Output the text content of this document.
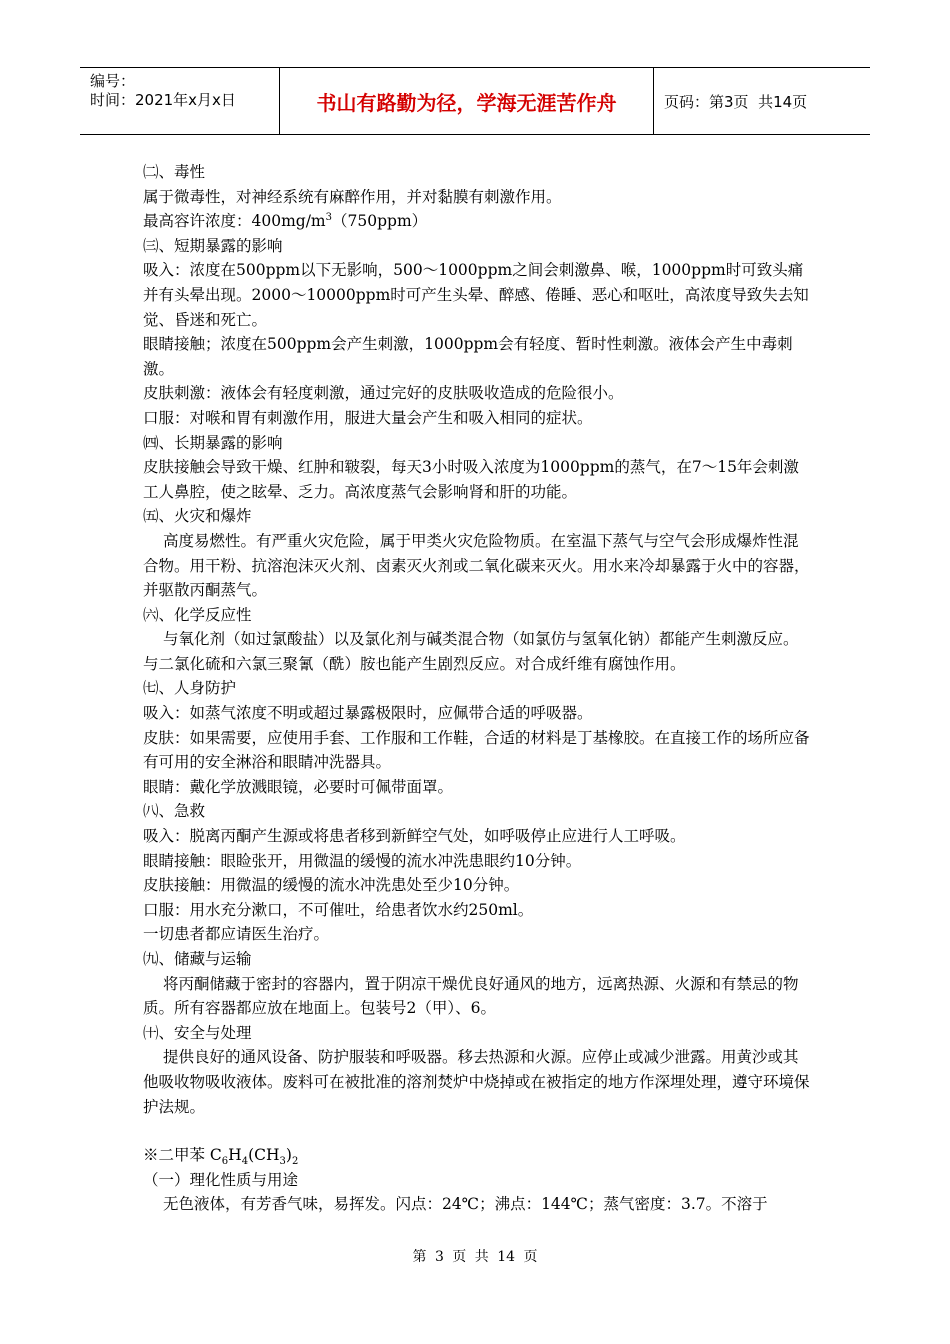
编号：
时间：2021年x月x日	书山有路勤为径，学海无涯苦作舟	页码：第3页  共14页

㈡、毒性

属于微毒性，对神经系统有麻醉作用，并对黏膜有刺激作用。

最高容许浓度：$400mg/m^3(750ppm)$

㈢、短期暴露的影响

吸入：浓度在500ppm以下无影响，500～1000ppm之间会刺激鼻、喉，1000ppm时可致头痛并有头晕出现。2000～10000ppm时可产生头晕、醉感、倦睡、恶心和呕吐，高浓度导致失去知觉、昏迷和死亡。

眼睛接触；浓度在500ppm会产生刺激，1000ppm会有轻度、暂时性刺激。液体会产生中毒刺激。

皮肤刺激：液体会有轻度刺激，通过完好的皮肤吸收造成的危险很小。

口服：对喉和胃有刺激作用，服进大量会产生和吸入相同的症状。

㈣、长期暴露的影响

皮肤接触会导致干燥、红肿和皲裂，每天3小时吸入浓度为1000ppm的蒸气，在7～15年会刺激工人鼻腔，使之眩晕、乏力。高浓度蒸气会影响肾和肝的功能。

㈤、火灾和爆炸

高度易燃性。有严重火灾危险，属于甲类火灾危险物质。在室温下蒸气与空气会形成爆炸性混合物。用干粉、抗溶泡沫灭火剂、卤素灭火剂或二氧化碳来灭火。用水来冷却暴露于火中的容器，并驱散丙酮蒸气。

㈥、化学反应性

与氧化剂（如过氯酸盐）以及氯化剂与碱类混合物（如氯仿与氢氧化钠）都能产生刺激反应。与二氯化硫和六氯三聚氰（酰）胺也能产生剧烈反应。对合成纤维有腐蚀作用。

㈦、人身防护

吸入：如蒸气浓度不明或超过暴露极限时，应佩带合适的呼吸器。

皮肤：如果需要，应使用手套、工作服和工作鞋，合适的材料是丁基橡胶。在直接工作的场所应备有可用的安全淋浴和眼睛冲洗器具。

眼睛：戴化学放溅眼镜，必要时可佩带面罩。

㈧、急救

吸入：脱离丙酮产生源或将患者移到新鲜空气处，如呼吸停止应进行人工呼吸。

眼睛接触：眼睑张开，用微温的缓慢的流水冲洗患眼约10分钟。

皮肤接触：用微温的缓慢的流水冲洗患处至少10分钟。

口服：用水充分漱口，不可催吐，给患者饮水约250ml。

一切患者都应请医生治疗。

㈨、储藏与运输

将丙酮储藏于密封的容器内，置于阴凉干燥优良好通风的地方，远离热源、火源和有禁忌的物质。所有容器都应放在地面上。包装号2（甲）、6。

㈩、安全与处理

提供良好的通风设备、防护服装和呼吸器。移去热源和火源。应停止或减少泄露。用黄沙或其他吸收物吸收液体。废料可在被批准的溶剂焚炉中烧掉或在被指定的地方作深埋处理，遵守环境保护法规。

※二甲苯 $C_6H_4(CH_3)_2$

（一）理化性质与用途

无色液体，有芳香气味，易挥发。闪点：24℃；沸点：144℃；蒸气密度：3.7。不溶于

第 3 页 共 14 页
